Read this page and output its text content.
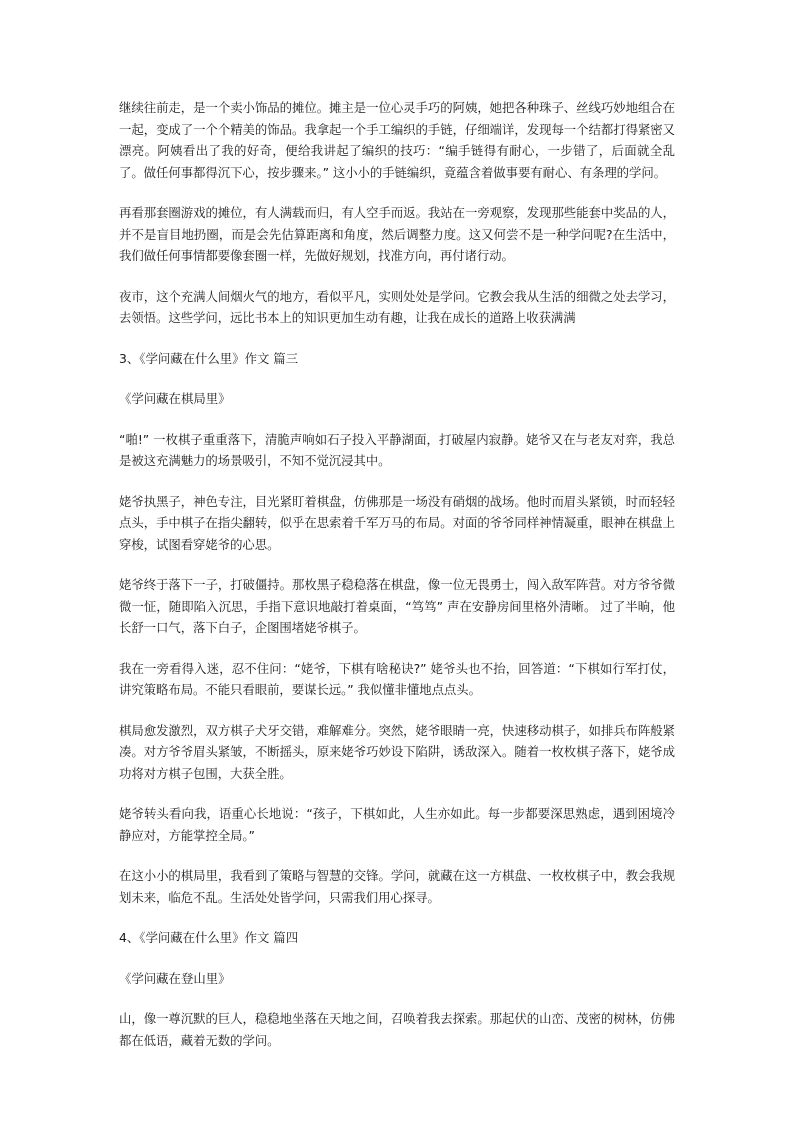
继续往前走，是一个卖小饰品的摊位。摊主是一位心灵手巧的阿姨，她把各种珠子、丝线巧妙地组合在一起，变成了一个个精美的饰品。我拿起一个手工编织的手链，仔细端详，发现每一个结都打得紧密又漂亮。阿姨看出了我的好奇，便给我讲起了编织的技巧：“编手链得有耐心，一步错了，后面就全乱了。做任何事都得沉下心，按步骤来。” 这小小的手链编织，竟蕴含着做事要有耐心、有条理的学问。

再看那套圈游戏的摊位，有人满载而归，有人空手而返。我站在一旁观察，发现那些能套中奖品的人，并不是盲目地扔圈，而是会先估算距离和角度，然后调整力度。这又何尝不是一种学问呢?在生活中，我们做任何事情都要像套圈一样，先做好规划，找准方向，再付诸行动。

夜市，这个充满人间烟火气的地方，看似平凡，实则处处是学问。它教会我从生活的细微之处去学习，去领悟。这些学问，远比书本上的知识更加生动有趣，让我在成长的道路上收获满满

3、《学问藏在什么里》作文 篇三

《学问藏在棋局里》

“啪!” 一枚棋子重重落下，清脆声响如石子投入平静湖面，打破屋内寂静。姥爷又在与老友对弈，我总是被这充满魅力的场景吸引，不知不觉沉浸其中。

姥爷执黑子，神色专注，目光紧盯着棋盘，仿佛那是一场没有硝烟的战场。他时而眉头紧锁，时而轻轻点头，手中棋子在指尖翻转，似乎在思索着千军万马的布局。对面的爷爷同样神情凝重，眼神在棋盘上穿梭，试图看穿姥爷的心思。

姥爷终于落下一子，打破僵持。那枚黑子稳稳落在棋盘，像一位无畏勇士，闯入敌军阵营。对方爷爷微微一怔，随即陷入沉思，手指下意识地敲打着桌面，“笃笃” 声在安静房间里格外清晰。 过了半晌，他长舒一口气，落下白子，企图围堵姥爷棋子。

我在一旁看得入迷，忍不住问：“姥爷，下棋有啥秘诀?” 姥爷头也不抬，回答道：“下棋如行军打仗，讲究策略布局。不能只看眼前，要谋长远。” 我似懂非懂地点点头。

棋局愈发激烈，双方棋子犬牙交错，难解难分。突然，姥爷眼睛一亮，快速移动棋子，如排兵布阵般紧凑。对方爷爷眉头紧皱，不断摇头，原来姥爷巧妙设下陷阱，诱敌深入。随着一枚枚棋子落下，姥爷成功将对方棋子包围，大获全胜。

姥爷转头看向我，语重心长地说：“孩子，下棋如此，人生亦如此。每一步都要深思熟虑，遇到困境冷静应对，方能掌控全局。”

在这小小的棋局里，我看到了策略与智慧的交锋。学问，就藏在这一方棋盘、一枚枚棋子中，教会我规划未来，临危不乱。生活处处皆学问，只需我们用心探寻。

4、《学问藏在什么里》作文 篇四

《学问藏在登山里》

山，像一尊沉默的巨人，稳稳地坐落在天地之间，召唤着我去探索。那起伏的山峦、茂密的树林，仿佛都在低语，藏着无数的学问。
